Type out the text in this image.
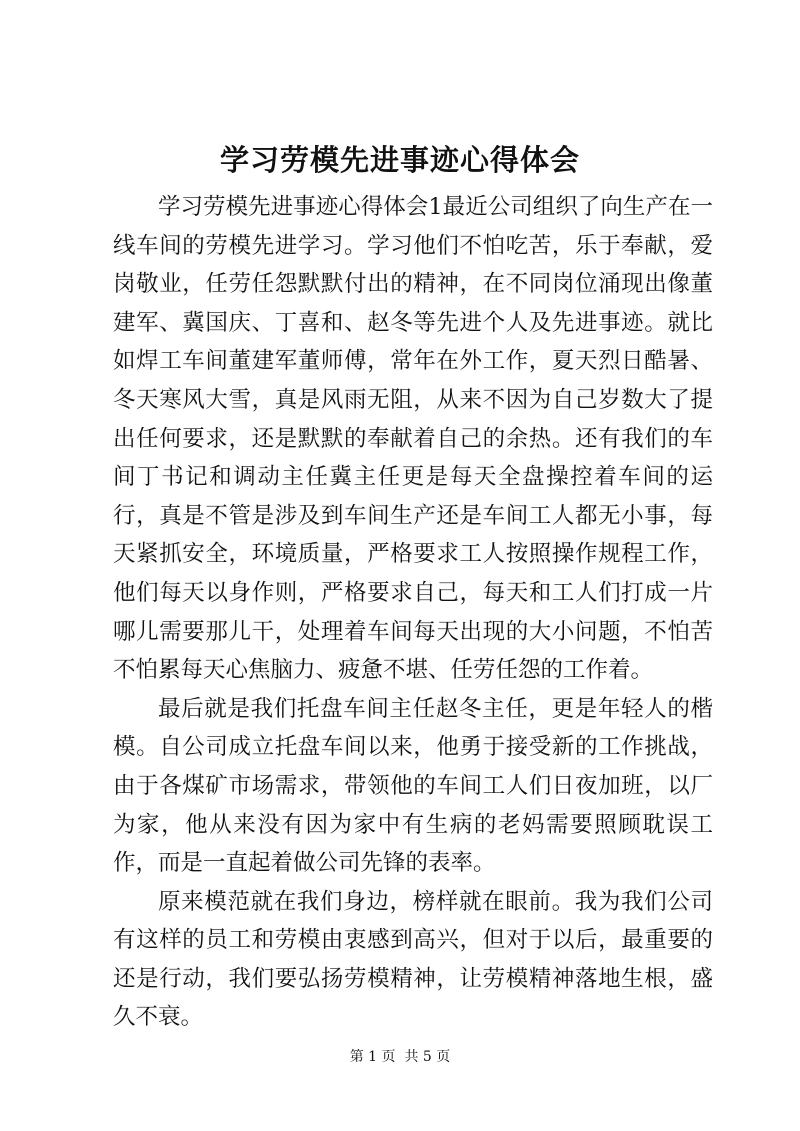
学习劳模先进事迹心得体会

学习劳模先进事迹心得体会1最近公司组织了向生产在一线车间的劳模先进学习。学习他们不怕吃苦，乐于奉献，爱岗敬业，任劳任怨默默付出的精神，在不同岗位涌现出像董建军、冀国庆、丁喜和、赵冬等先进个人及先进事迹。就比如焊工车间董建军董师傅，常年在外工作，夏天烈日酷暑、冬天寒风大雪，真是风雨无阻，从来不因为自己岁数大了提出任何要求，还是默默的奉献着自己的余热。还有我们的车间丁书记和调动主任冀主任更是每天全盘操控着车间的运行，真是不管是涉及到车间生产还是车间工人都无小事，每天紧抓安全，环境质量，严格要求工人按照操作规程工作，他们每天以身作则，严格要求自己，每天和工人们打成一片哪儿需要那儿干，处理着车间每天出现的大小问题，不怕苦不怕累每天心焦脑力、疲惫不堪、任劳任怨的工作着。

最后就是我们托盘车间主任赵冬主任，更是年轻人的楷模。自公司成立托盘车间以来，他勇于接受新的工作挑战，由于各煤矿市场需求，带领他的车间工人们日夜加班，以厂为家，他从来没有因为家中有生病的老妈需要照顾耽误工作，而是一直起着做公司先锋的表率。

原来模范就在我们身边，榜样就在眼前。我为我们公司有这样的员工和劳模由衷感到高兴，但对于以后，最重要的还是行动，我们要弘扬劳模精神，让劳模精神落地生根，盛久不衰。

第 1 页  共 5 页
